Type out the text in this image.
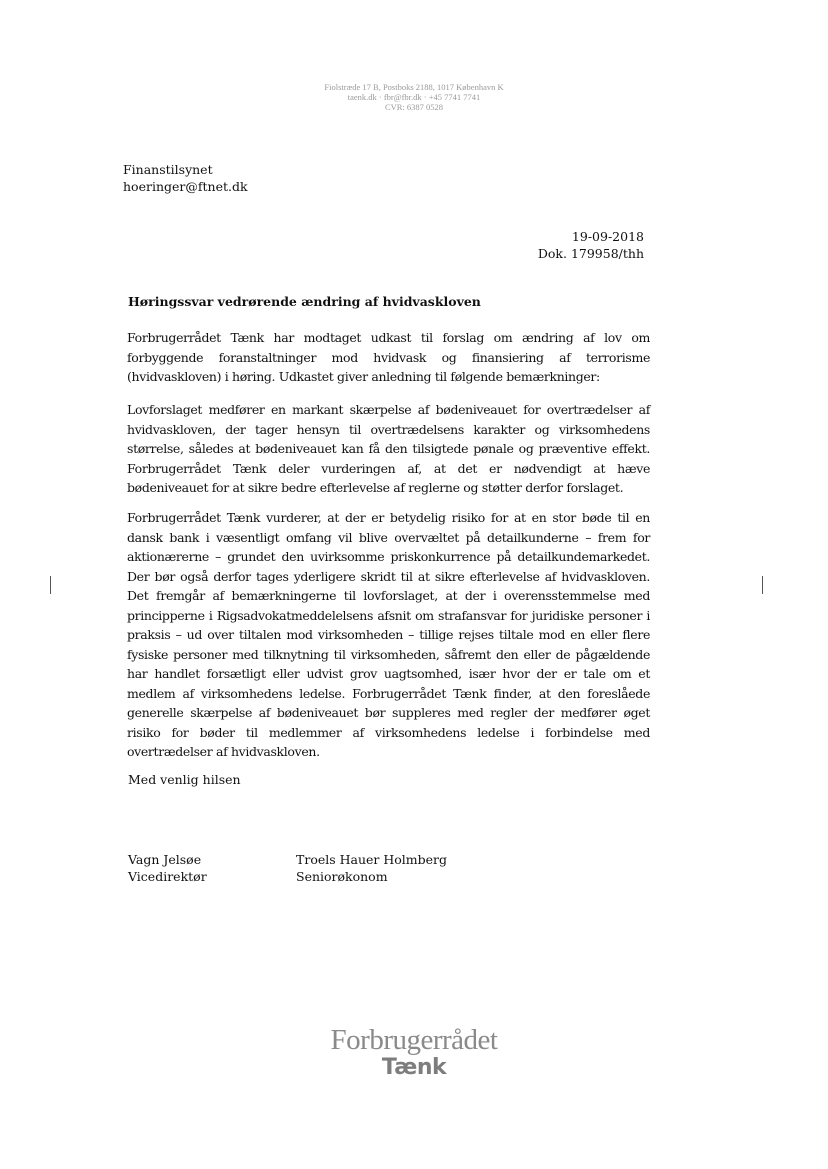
Fiolstræde 17 B, Postboks 2188, 1017 København K
taenk.dk · fbr@fbr.dk · +45 7741 7741
CVR: 6387 0528
Finanstilsynet
hoeringer@ftnet.dk
19-09-2018
Dok. 179958/thh
Høringssvar vedrørende ændring af hvidvaskloven

Forbrugerrådet Tænk har modtaget udkast til forslag om ændring af lov om forbyggende foranstaltninger mod hvidvask og finansiering af terrorisme (hvidvaskloven) i høring. Udkastet giver anledning til følgende bemærkninger:

Lovforslaget medfører en markant skærpelse af bødeniveauet for overtrædelser af hvidvaskloven, der tager hensyn til overtrædelsens karakter og virksomhedens størrelse, således at bødeniveauet kan få den tilsigtede pønale og præventive effekt. Forbrugerrådet Tænk deler vurderingen af, at det er nødvendigt at hæve bødeniveauet for at sikre bedre efterlevelse af reglerne og støtter derfor forslaget.

Forbrugerrådet Tænk vurderer, at der er betydelig risiko for at en stor bøde til en dansk bank i væsentligt omfang vil blive overvæltet på detailkunderne – frem for aktionærerne – grundet den uvirksomme priskonkurrence på detailkundemarkedet. Der bør også derfor tages yderligere skridt til at sikre efterlevelse af hvidvaskloven. Det fremgår af bemærkningerne til lovforslaget, at der i overensstemmelse med principperne i Rigsadvokatmeddelelsens afsnit om strafansvar for juridiske personer i praksis – ud over tiltalen mod virksomheden – tillige rejses tiltale mod en eller flere fysiske personer med tilknytning til virksomheden, såfremt den eller de pågældende har handlet forsætligt eller udvist grov uagtsomhed, især hvor der er tale om et medlem af virksomhedens ledelse. Forbrugerrådet Tænk finder, at den foreslåede generelle skærpelse af bødeniveauet bør suppleres med regler der medfører øget risiko for bøder til medlemmer af virksomhedens ledelse i forbindelse med overtrædelser af hvidvaskloven.

Med venlig hilsen
Vagn Jelsøe
Vicedirektør
Troels Hauer Holmberg
Seniorøkonom
Forbrugerrådet
Tænk
